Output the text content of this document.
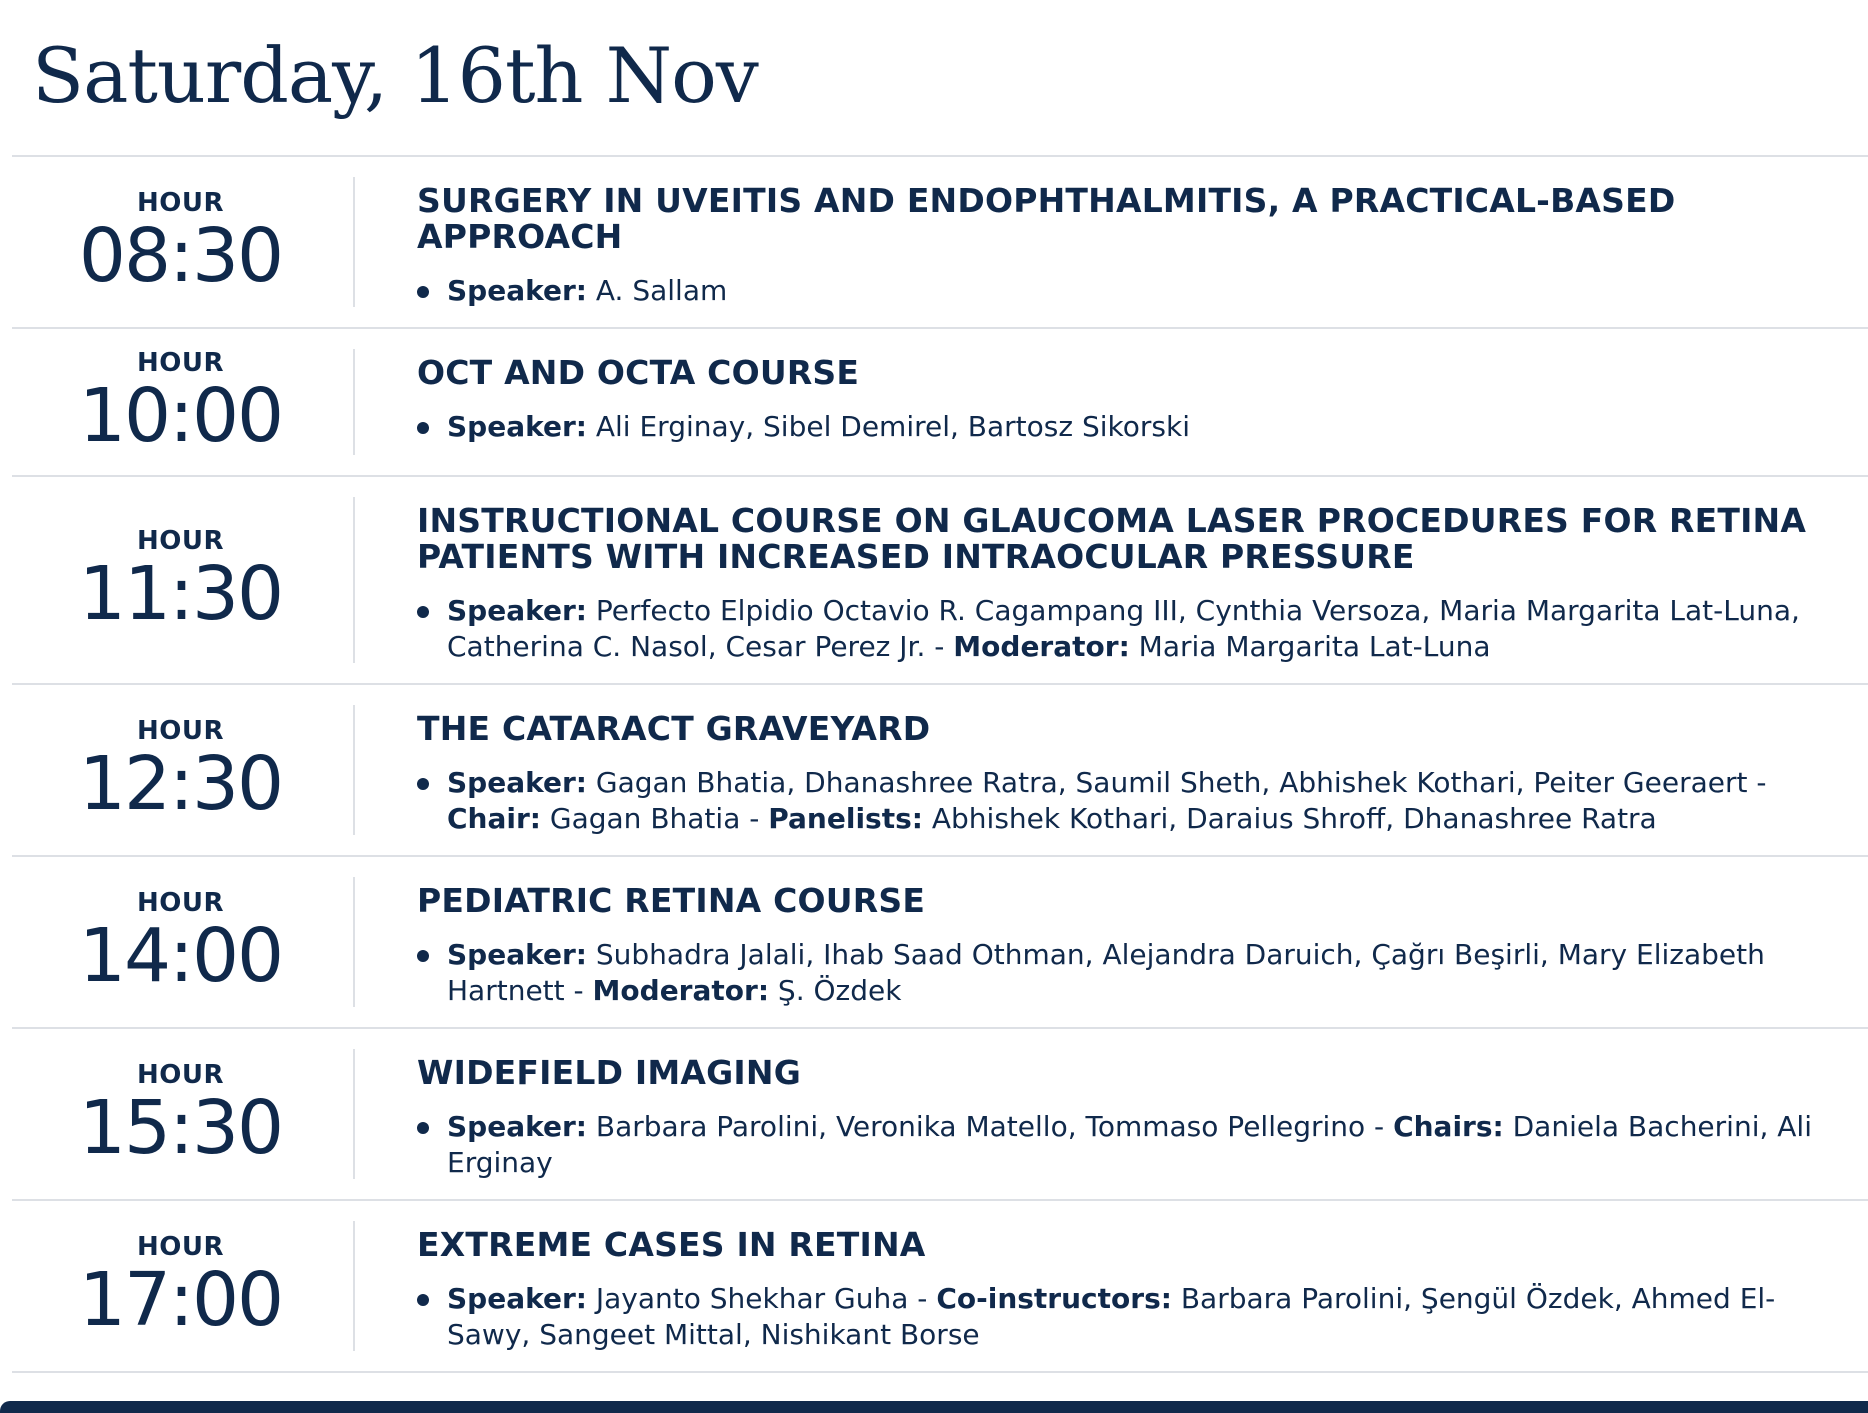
Saturday, 16th Nov
HOUR
08:30
SURGERY IN UVEITIS AND ENDOPHTHALMITIS, A PRACTICAL-BASED APPROACH
Speaker: A. Sallam
HOUR
10:00
OCT AND OCTA COURSE
Speaker: Ali Erginay, Sibel Demirel, Bartosz Sikorski
HOUR
11:30
INSTRUCTIONAL COURSE ON GLAUCOMA LASER PROCEDURES FOR RETINA PATIENTS WITH INCREASED INTRAOCULAR PRESSURE
Speaker: Perfecto Elpidio Octavio R. Cagampang III, Cynthia Versoza, Maria Margarita Lat-Luna, Catherina C. Nasol, Cesar Perez Jr. - Moderator: Maria Margarita Lat-Luna
HOUR
12:30
THE CATARACT GRAVEYARD
Speaker: Gagan Bhatia, Dhanashree Ratra, Saumil Sheth, Abhishek Kothari, Peiter Geeraert - Chair: Gagan Bhatia - Panelists: Abhishek Kothari, Daraius Shroff, Dhanashree Ratra
HOUR
14:00
PEDIATRIC RETINA COURSE
Speaker: Subhadra Jalali, Ihab Saad Othman, Alejandra Daruich, Çağrı Beşirli, Mary Elizabeth Hartnett - Moderator: Ş. Özdek
HOUR
15:30
WIDEFIELD IMAGING
Speaker: Barbara Parolini, Veronika Matello, Tommaso Pellegrino - Chairs: Daniela Bacherini, Ali Erginay
HOUR
17:00
EXTREME CASES IN RETINA
Speaker: Jayanto Shekhar Guha - Co-instructors: Barbara Parolini, Şengül Özdek, Ahmed El-Sawy, Sangeet Mittal, Nishikant Borse
